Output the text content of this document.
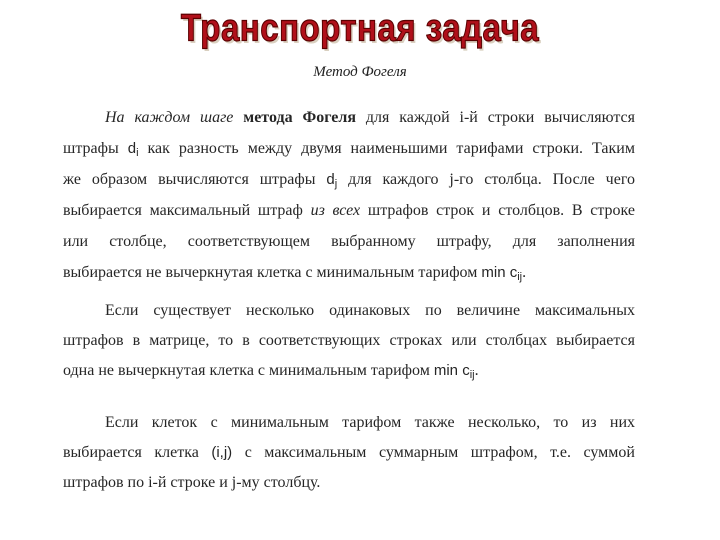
Транспортная задача
Метод Фогеля
На каждом шаге метода Фогеля для каждой i-й строки вычисляются
штрафы $d_i$ как разность между двумя наименьшими тарифами строки. Таким
же образом вычисляются штрафы $d_j$ для каждого j-го столбца. После чего
выбирается максимальный штраф из всех штрафов строк и столбцов. В строке
или столбце, соответствующем выбранному штрафу, для заполнения
выбирается не вычеркнутая клетка с минимальным тарифом $\min c_{ij}$.
Если существует несколько одинаковых по величине максимальных
штрафов в матрице, то в соответствующих строках или столбцах выбирается
одна не вычеркнутая клетка с минимальным тарифом $\min c_{ij}$.
Если клеток с минимальным тарифом также несколько, то из них
выбирается клетка (i,j) с максимальным суммарным штрафом, т.е. суммой
штрафов по i-й строке и j-му столбцу.
